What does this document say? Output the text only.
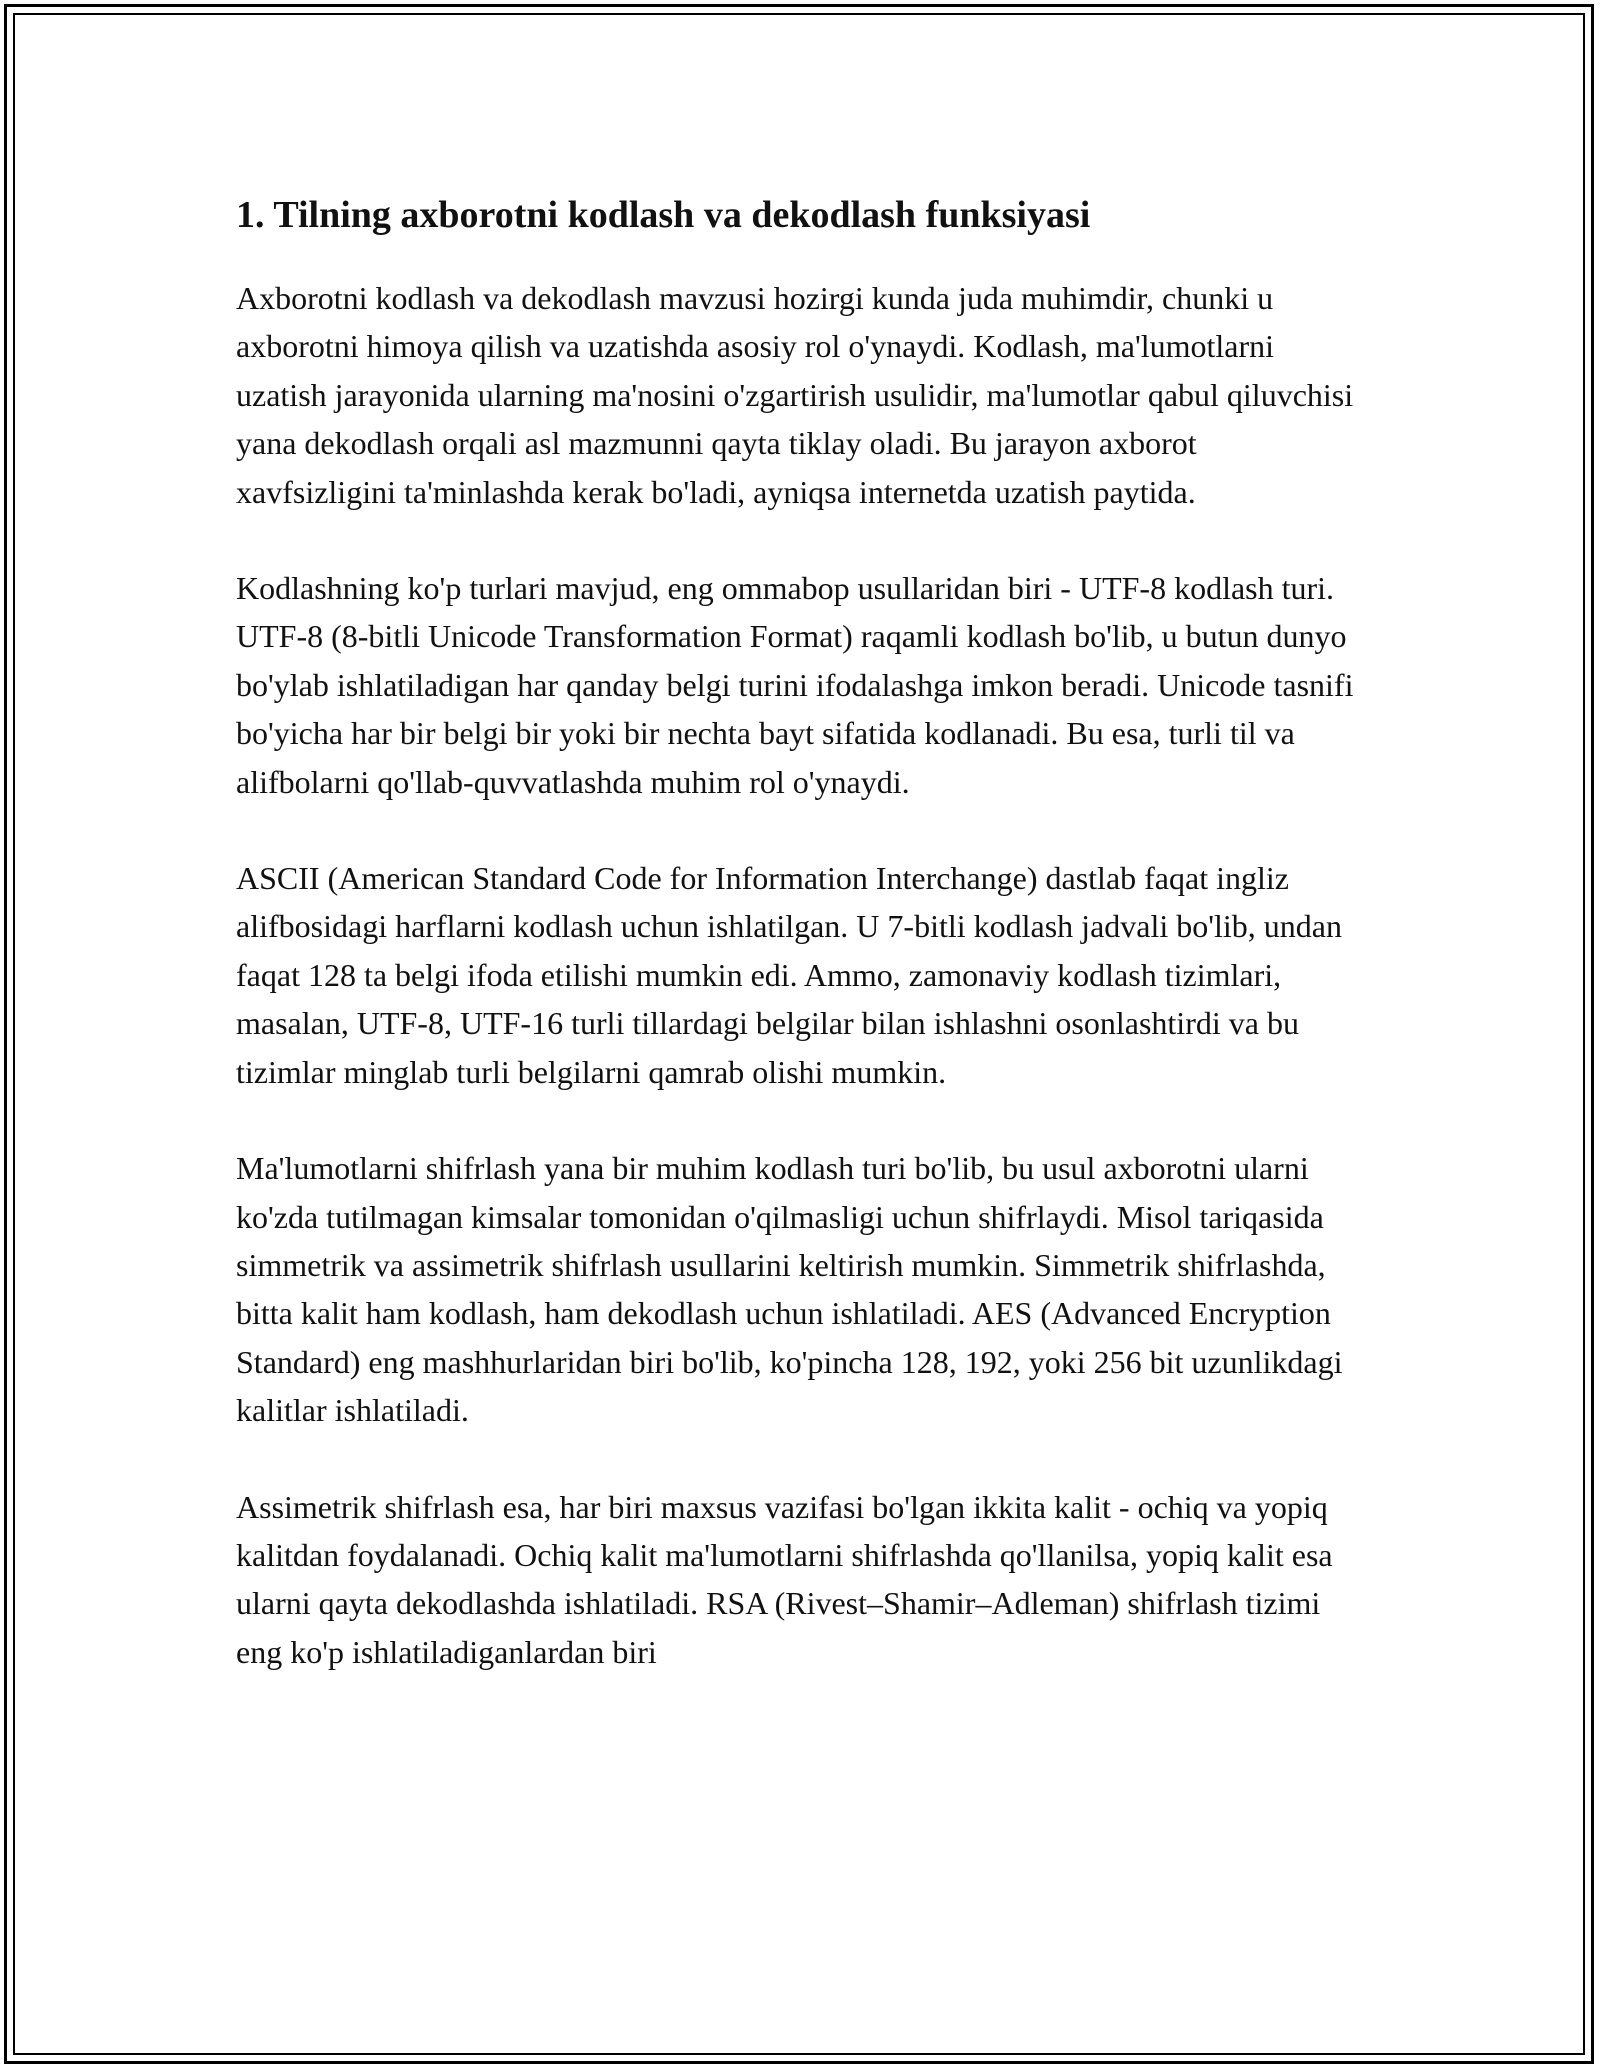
1. Tilning axborotni kodlash va dekodlash funksiyasi

Axborotni kodlash va dekodlash mavzusi hozirgi kunda juda muhimdir, chunki u axborotni himoya qilish va uzatishda asosiy rol o'ynaydi. Kodlash, ma'lumotlarni uzatish jarayonida ularning ma'nosini o'zgartirish usulidir, ma'lumotlar qabul qiluvchisi yana dekodlash orqali asl mazmunni qayta tiklay oladi. Bu jarayon axborot xavfsizligini ta'minlashda kerak bo'ladi, ayniqsa internetda uzatish paytida.

Kodlashning ko'p turlari mavjud, eng ommabop usullaridan biri - UTF-8 kodlash turi. UTF-8 (8-bitli Unicode Transformation Format) raqamli kodlash bo'lib, u butun dunyo bo'ylab ishlatiladigan har qanday belgi turini ifodalashga imkon beradi. Unicode tasnifi bo'yicha har bir belgi bir yoki bir nechta bayt sifatida kodlanadi. Bu esa, turli til va alifbolarni qo'llab-quvvatlashda muhim rol o'ynaydi.

ASCII (American Standard Code for Information Interchange) dastlab faqat ingliz alifbosidagi harflarni kodlash uchun ishlatilgan. U 7-bitli kodlash jadvali bo'lib, undan faqat 128 ta belgi ifoda etilishi mumkin edi. Ammo, zamonaviy kodlash tizimlari, masalan, UTF-8, UTF-16 turli tillardagi belgilar bilan ishlashni osonlashtirdi va bu tizimlar minglab turli belgilarni qamrab olishi mumkin.

Ma'lumotlarni shifrlash yana bir muhim kodlash turi bo'lib, bu usul axborotni ularni ko'zda tutilmagan kimsalar tomonidan o'qilmasligi uchun shifrlaydi. Misol tariqasida simmetrik va assimetrik shifrlash usullarini keltirish mumkin. Simmetrik shifrlashda, bitta kalit ham kodlash, ham dekodlash uchun ishlatiladi. AES (Advanced Encryption Standard) eng mashhurlaridan biri bo'lib, ko'pincha 128, 192, yoki 256 bit uzunlikdagi kalitlar ishlatiladi.

Assimetrik shifrlash esa, har biri maxsus vazifasi bo'lgan ikkita kalit - ochiq va yopiq kalitdan foydalanadi. Ochiq kalit ma'lumotlarni shifrlashda qo'llanilsa, yopiq kalit esa ularni qayta dekodlashda ishlatiladi. RSA (Rivest–Shamir–Adleman) shifrlash tizimi eng ko'p ishlatiladiganlardan biri
